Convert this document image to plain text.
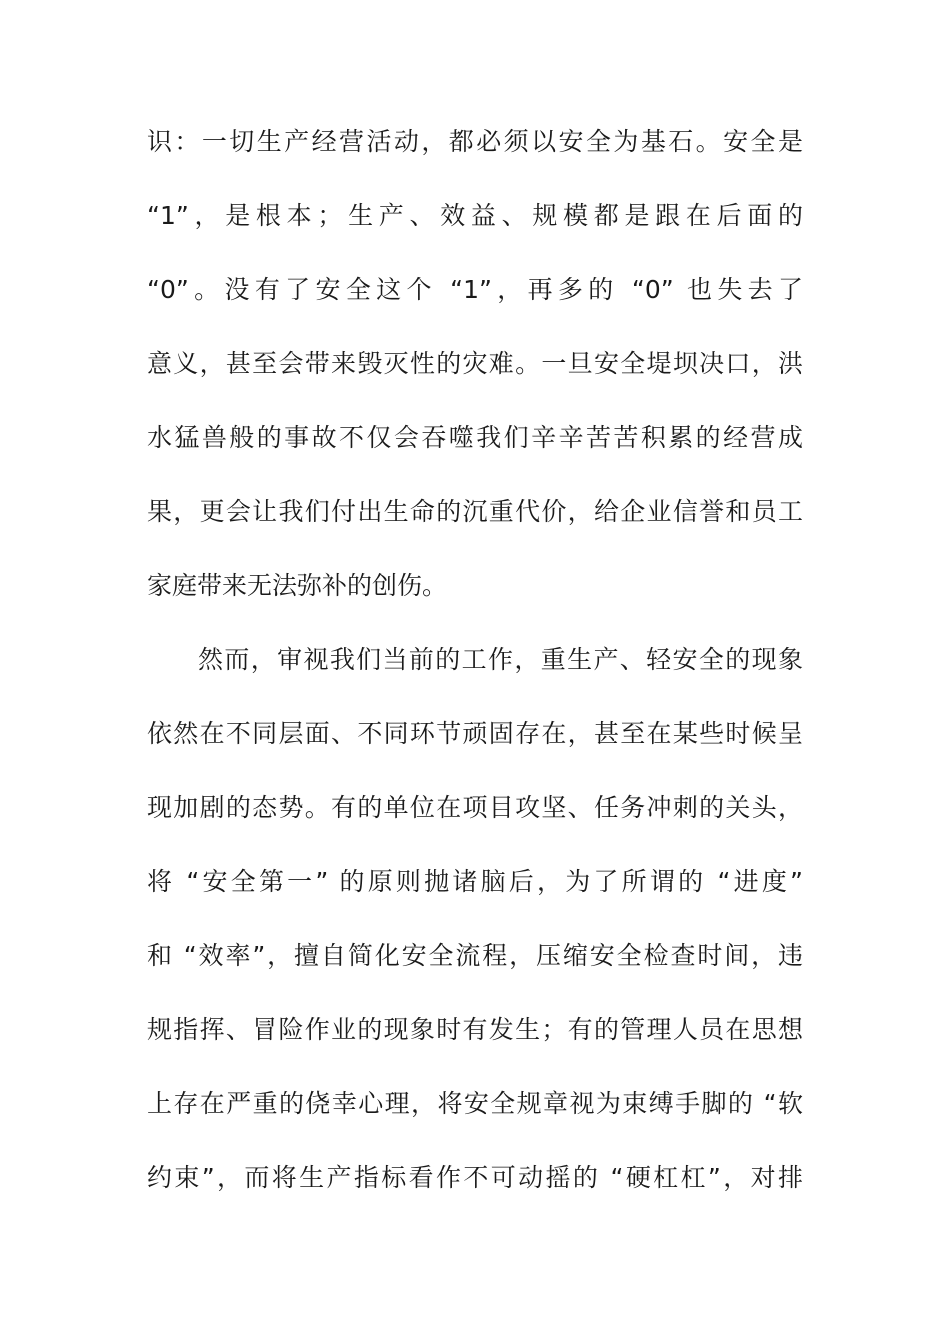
识：一切生产经营活动，都必须以安全为基石。安全是
“1”，是根本；生产、效益、规模都是跟在后面的
“0”。没有了安全这个 “1”，再多的 “0” 也失去了
意义，甚至会带来毁灭性的灾难。一旦安全堤坝决口，洪
水猛兽般的事故不仅会吞噬我们辛辛苦苦积累的经营成
果，更会让我们付出生命的沉重代价，给企业信誉和员工
家庭带来无法弥补的创伤。
然而，审视我们当前的工作，重生产、轻安全的现象
依然在不同层面、不同环节顽固存在，甚至在某些时候呈
现加剧的态势。有的单位在项目攻坚、任务冲刺的关头，
将 “安全第一” 的原则抛诸脑后，为了所谓的 “进度”
和 “效率”，擅自简化安全流程，压缩安全检查时间，违
规指挥、冒险作业的现象时有发生；有的管理人员在思想
上存在严重的侥幸心理，将安全规章视为束缚手脚的 “软
约束”，而将生产指标看作不可动摇的 “硬杠杠”，对排
